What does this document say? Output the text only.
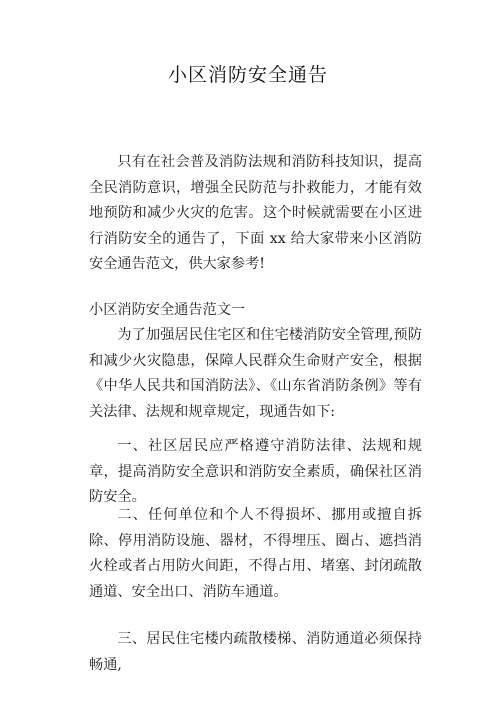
小区消防安全通告

只有在社会普及消防法规和消防科技知识，提高全民消防意识，增强全民防范与扑救能力，才能有效地预防和减少火灾的危害。这个时候就需要在小区进行消防安全的通告了，下面 xx 给大家带来小区消防安全通告范文，供大家参考!

小区消防安全通告范文一

为了加强居民住宅区和住宅楼消防安全管理,预防和减少火灾隐患，保障人民群众生命财产安全，根据《中华人民共和国消防法》、《山东省消防条例》等有关法律、法规和规章规定，现通告如下:

一、社区居民应严格遵守消防法律、法规和规章，提高消防安全意识和消防安全素质，确保社区消防安全。

二、任何单位和个人不得损坏、挪用或擅自拆除、停用消防设施、器材，不得埋压、圈占、遮挡消火栓或者占用防火间距，不得占用、堵塞、封闭疏散通道、安全出口、消防车通道。

三、居民住宅楼内疏散楼梯、消防通道必须保持畅通,
